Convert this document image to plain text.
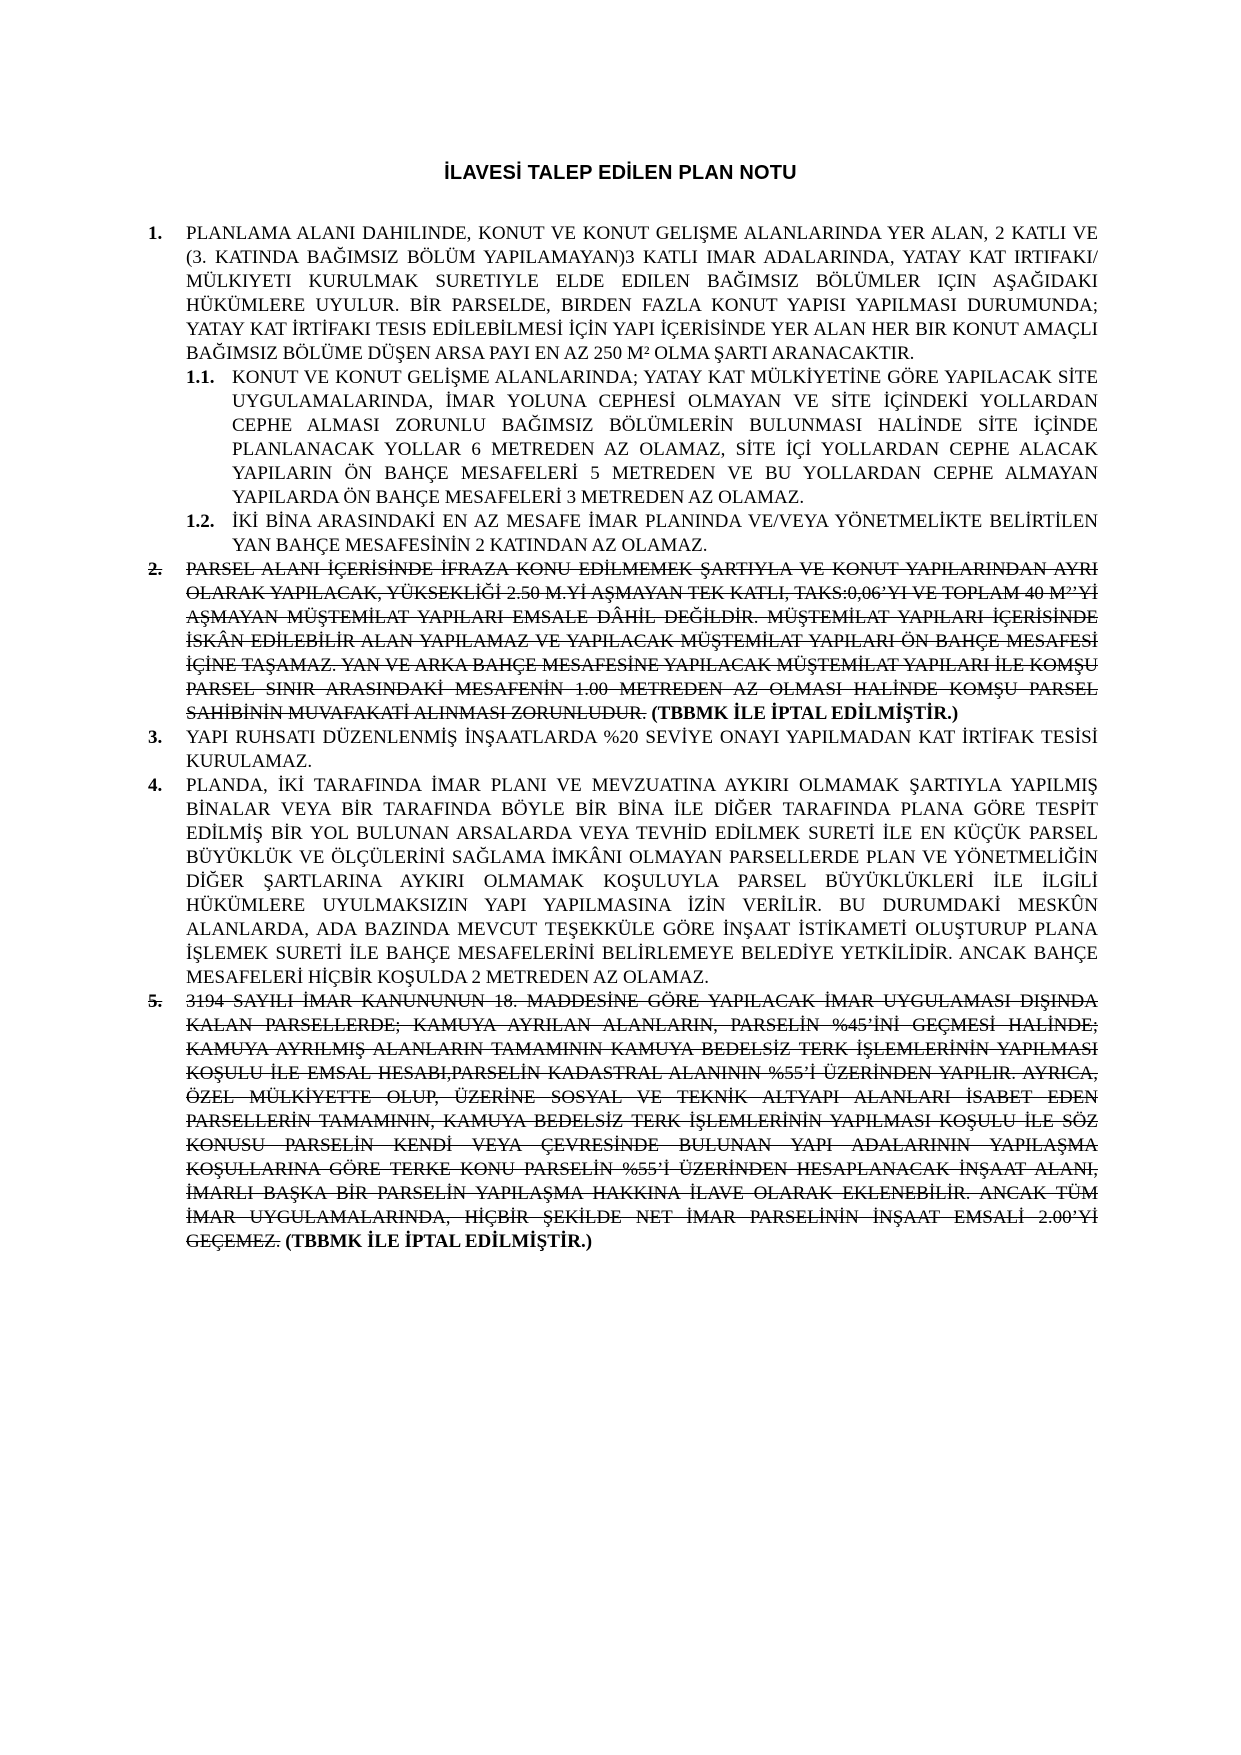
İLAVESİ TALEP EDİLEN PLAN NOTU
1. PLANLAMA ALANI DAHILINDE, KONUT VE KONUT GELIŞME ALANLARINDA YER ALAN, 2 KATLI VE (3. KATINDA BAĞIMSIZ BÖLÜM YAPILAMAYAN)3 KATLI IMAR ADALARINDA, YATAY KAT IRTIFAKI/ MÜLKIYETI KURULMAK SURETIYLE ELDE EDILEN BAĞIMSIZ BÖLÜMLER IÇIN AŞAĞIDAKI HÜKÜMLERE UYULUR. BİR PARSELDE, BIRDEN FAZLA KONUT YAPISI YAPILMASI DURUMUNDA; YATAY KAT İRTİFAKI TESIS EDİLEBİLMESİ İÇİN YAPI İÇERİSİNDE YER ALAN HER BIR KONUT AMAÇLI BAĞIMSIZ BÖLÜME DÜŞEN ARSA PAYI EN AZ 250 M² OLMA ŞARTI ARANACAKTIR.

1.1. KONUT VE KONUT GELİŞME ALANLARINDA; YATAY KAT MÜLKİYETİNE GÖRE YAPILACAK SİTE UYGULAMALARINDA, İMAR YOLUNA CEPHESİ OLMAYAN VE SİTE İÇİNDEKİ YOLLARDAN CEPHE ALMASI ZORUNLU BAĞIMSIZ BÖLÜMLERİN BULUNMASI HALİNDE SİTE İÇİNDE PLANLANACAK YOLLAR 6 METREDEN AZ OLAMAZ, SİTE İÇİ YOLLARDAN CEPHE ALACAK YAPILARIN ÖN BAHÇE MESAFELERİ 5 METREDEN VE BU YOLLARDAN CEPHE ALMAYAN YAPILARDA ÖN BAHÇE MESAFELERİ 3 METREDEN AZ OLAMAZ.

1.2. İKİ BİNA ARASINDAKİ EN AZ MESAFE İMAR PLANINDA VE/VEYA YÖNETMELİKTE BELİRTİLEN YAN BAHÇE MESAFESİNİN 2 KATINDAN AZ OLAMAZ.

2. PARSEL ALANI İÇERİSİNDE İFRAZA KONU EDİLMEMEK ŞARTIYLA VE KONUT YAPILARINDAN AYRI OLARAK YAPILACAK, YÜKSEKLİĞİ 2.50 M.Yİ AŞMAYAN TEK KATLI, TAKS:0,06’YI VE TOPLAM 40 M²’Yİ AŞMAYAN MÜŞTEMİLAT YAPILARI EMSALE DÂHİL DEĞİLDİR. MÜŞTEMİLAT YAPILARI İÇERİSİNDE İSKÂN EDİLEBİLİR ALAN YAPILAMAZ VE YAPILACAK MÜŞTEMİLAT YAPILARI ÖN BAHÇE MESAFESİ İÇİNE TAŞAMAZ. YAN VE ARKA BAHÇE MESAFESİNE YAPILACAK MÜŞTEMİLAT YAPILARI İLE KOMŞU PARSEL SINIR ARASINDAKİ MESAFENİN 1.00 METREDEN AZ OLMASI HALİNDE KOMŞU PARSEL SAHİBİNİN MUVAFAKATİ ALINMASI ZORUNLUDUR. (TBBMK İLE İPTAL EDİLMİŞTİR.)

3. YAPI RUHSATI DÜZENLENMİŞ İNŞAATLARDA %20 SEVİYE ONAYI YAPILMADAN KAT İRTİFAK TESİSİ KURULAMAZ.

4. PLANDA, İKİ TARAFINDA İMAR PLANI VE MEVZUATINA AYKIRI OLMAMAK ŞARTIYLA YAPILMIŞ BİNALAR VEYA BİR TARAFINDA BÖYLE BİR BİNA İLE DİĞER TARAFINDA PLANA GÖRE TESPİT EDİLMİŞ BİR YOL BULUNAN ARSALARDA VEYA TEVHİD EDİLMEK SURETİ İLE EN KÜÇÜK PARSEL BÜYÜKLÜK VE ÖLÇÜLERİNİ SAĞLAMA İMKÂNI OLMAYAN PARSELLERDE PLAN VE YÖNETMELİĞİN DİĞER ŞARTLARINA AYKIRI OLMAMAK KOŞULUYLA PARSEL BÜYÜKLÜKLERİ İLE İLGİLİ HÜKÜMLERE UYULMAKSIZIN YAPI YAPILMASINA İZİN VERİLİR. BU DURUMDAKİ MESKÛN ALANLARDA, ADA BAZINDA MEVCUT TEŞEKKÜLE GÖRE İNŞAAT İSTİKAMETİ OLUŞTURUP PLANA İŞLEMEK SURETİ İLE BAHÇE MESAFELERİNİ BELİRLEMEYE BELEDİYE YETKİLİDİR. ANCAK BAHÇE MESAFELERİ HİÇBİR KOŞULDA 2 METREDEN AZ OLAMAZ.

5. 3194 SAYILI İMAR KANUNUNUN 18. MADDESİNE GÖRE YAPILACAK İMAR UYGULAMASI DIŞINDA KALAN PARSELLERDE; KAMUYA AYRILAN ALANLARIN, PARSELİN %45’İNİ GEÇMESİ HALİNDE; KAMUYA AYRILMIŞ ALANLARIN TAMAMININ KAMUYA BEDELSİZ TERK İŞLEMLERİNİN YAPILMASI KOŞULU İLE EMSAL HESABI,PARSELİN KADASTRAL ALANININ %55’İ ÜZERİNDEN YAPILIR. AYRICA, ÖZEL MÜLKİYETTE OLUP, ÜZERİNE SOSYAL VE TEKNİK ALTYAPI ALANLARI İSABET EDEN PARSELLERİN TAMAMININ, KAMUYA BEDELSİZ TERK İŞLEMLERİNİN YAPILMASI KOŞULU İLE SÖZ KONUSU PARSELİN KENDİ VEYA ÇEVRESİNDE BULUNAN YAPI ADALARININ YAPILAŞMA KOŞULLARINA GÖRE TERKE KONU PARSELİN %55’İ ÜZERİNDEN HESAPLANACAK İNŞAAT ALANI, İMARLI BAŞKA BİR PARSELİN YAPILAŞMA HAKKINA İLAVE OLARAK EKLENEBİLİR. ANCAK TÜM İMAR UYGULAMALARINDA, HİÇBİR ŞEKİLDE NET İMAR PARSELİNİN İNŞAAT EMSALİ 2.00’Yİ GEÇEMEZ. (TBBMK İLE İPTAL EDİLMİŞTİR.)
